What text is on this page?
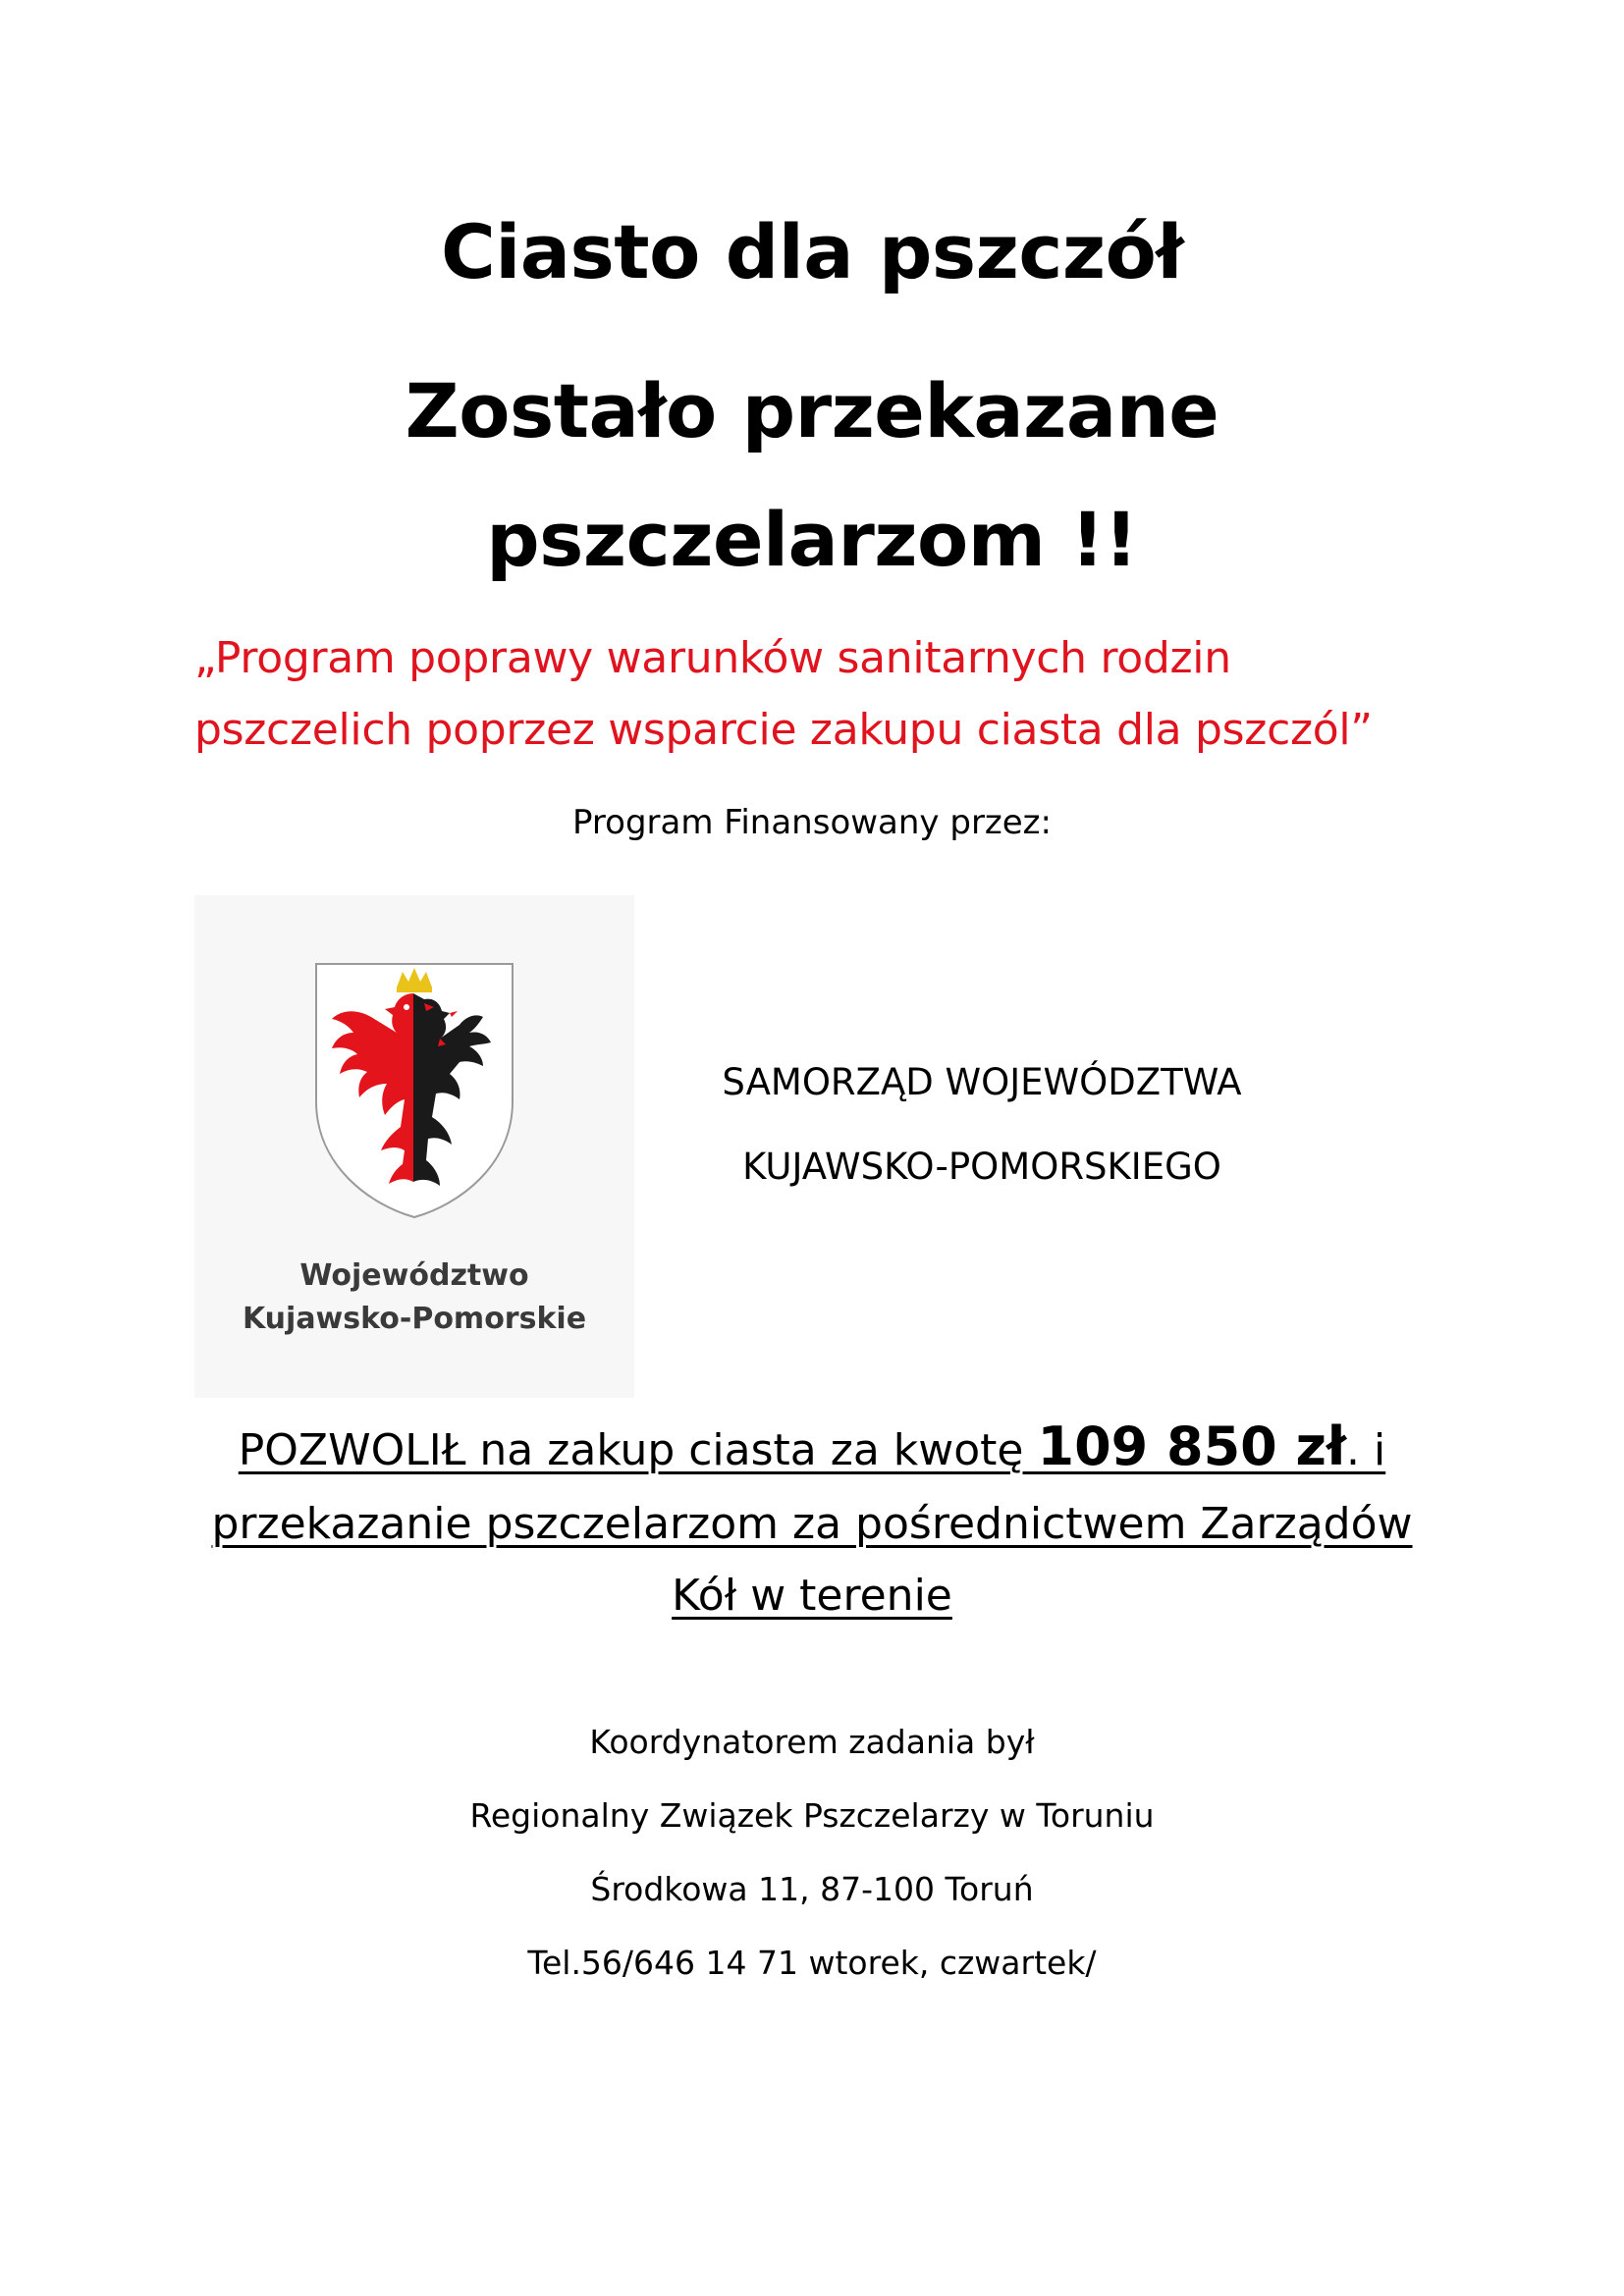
Ciasto dla pszczół
Zostało przekazane
pszczelarzom !!
„Program poprawy warunków sanitarnych rodzin
pszczelich poprzez wsparcie zakupu ciasta dla pszczól”
Program Finansowany przez:
Województwo
Kujawsko-Pomorskie
SAMORZĄD WOJEWÓDZTWA
KUJAWSKO-POMORSKIEGO
POZWOLIŁ na zakup ciasta za kwotę 109 850 zł. i
przekazanie pszczelarzom za pośrednictwem Zarządów
Kół w terenie
Koordynatorem zadania był
Regionalny Związek Pszczelarzy w Toruniu
Środkowa 11, 87-100 Toruń
Tel.56/646 14 71 wtorek, czwartek/
